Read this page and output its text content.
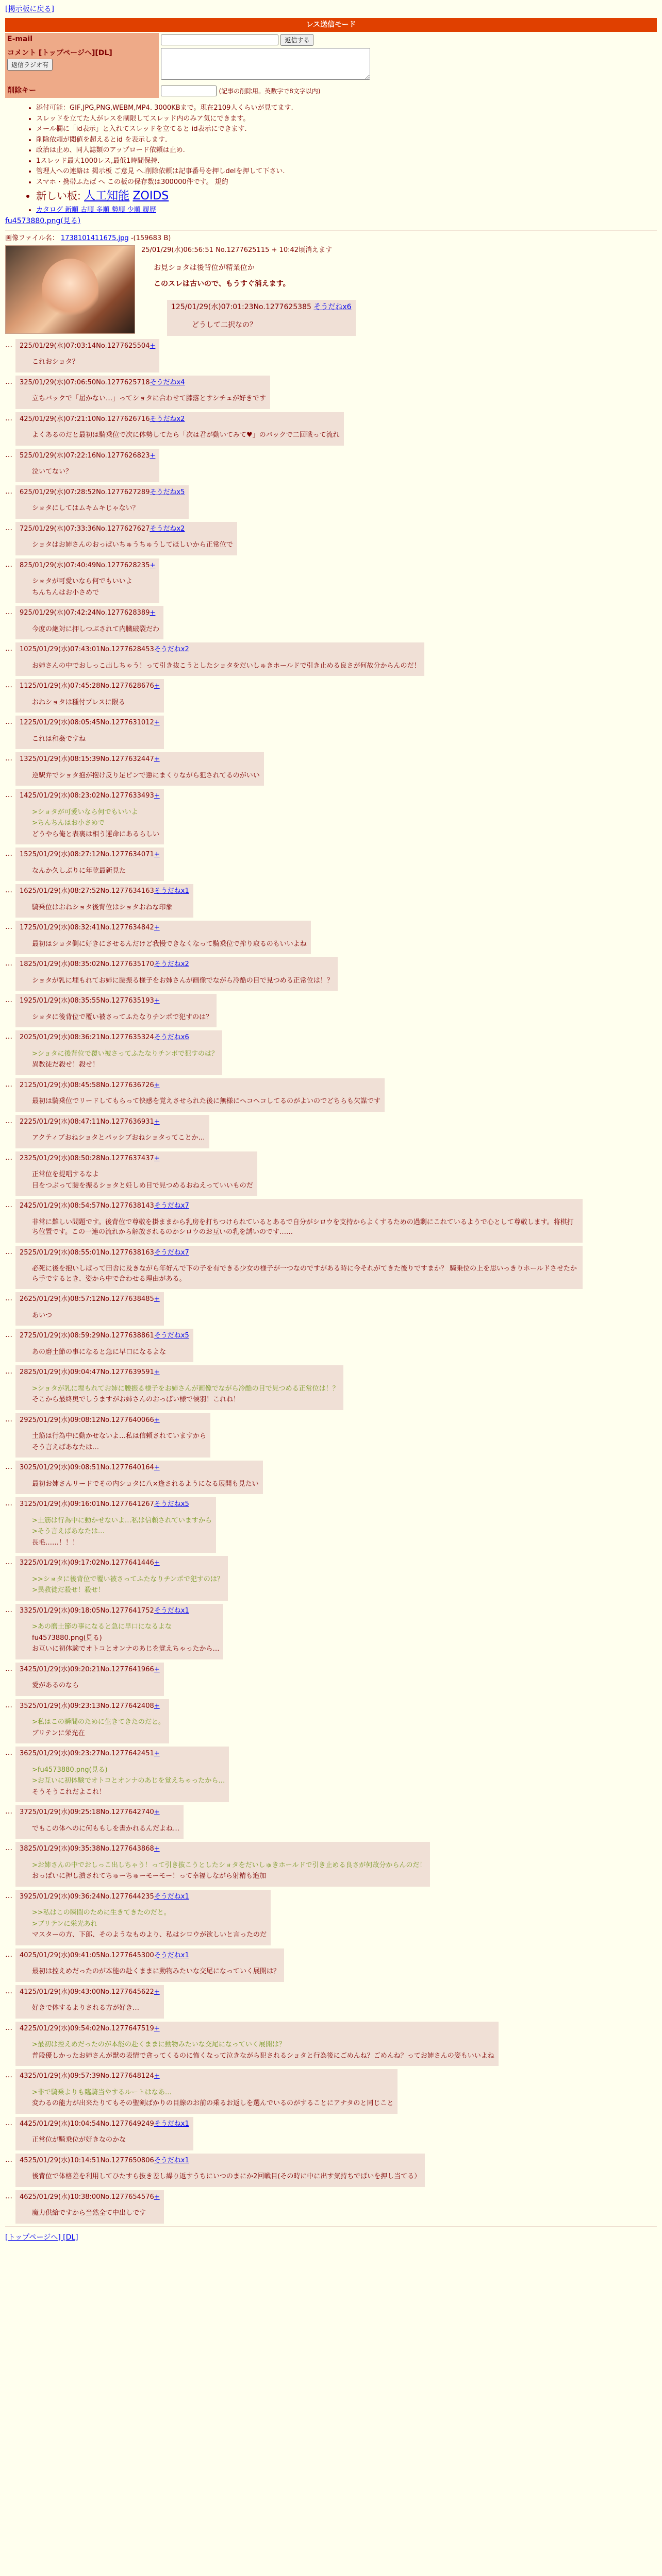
[掲示板に戻る]
レス送信モード
E-mail	返信する
コメント [トップページへ][DL] 返信ラジオ有	
削除キー	(記事の削除用。英数字で8文字以内)
• 添付可能：GIF,JPG,PNG,WEBM,MP4. 3000KBまで。現在2109人くらいが見てます.
• スレッドを立てた人がレスを制限してスレッド内のみア気にできます。
• メール欄に「id表示」と入れてスレッドを立てると id表示にできます.
• 削除依頼が閲値を超えるとid を表示します.
• 政治は止め、同人誌類のアップロード依頼は止め.
• 1スレッド最大1000レス,最低1時間保持.
• 管理人への連絡は 掲示板 ご意見 へ.削除依頼は記事番号を押しdelを押して下さい.
• スマホ・携帯ふたば へ この板の保存数は300000件です。 規約
• 新しい板: 人工知能 ZOIDS
• カタログ 新順 古順 多順 勢順 少順 履歴
fu4573880.png(見る)
画像ファイル名： 1738101411675.jpg -(159683 B)
25/01/29(水)06:56:51 No.1277625115 + 10:42頃消えます

お見ショタは後背位が精業位か

このスレは古いので、もうすぐ消えます。

125/01/29(水)07:01:23No.1277625385 そうだねx6

どうして二択なの？

…	225/01/29(水)07:03:14No.1277625504+
これおショタ？
…	325/01/29(水)07:06:50No.1277625718そうだねx4
立ちバックで「届かない…」ってショタに合わせて膝落とすシチュが好きです
…	425/01/29(水)07:21:10No.1277626716そうだねx2
よくあるのだと最初は騎乗位で次に体勢してたら「次は君が動いてみて♥」のバックで二回戦って流れ
…	525/01/29(水)07:22:16No.1277626823+
泣いてない？
…	625/01/29(水)07:28:52No.1277627289そうだねx5
ショタにしてはムキムキじゃない？
…	725/01/29(水)07:33:36No.1277627627そうだねx2
ショタはお姉さんのおっぱいちゅうちゅうしてほしいから正常位で
…	825/01/29(水)07:40:49No.1277628235+
ショタが可愛いなら何でもいいよ
ちんちんはお小さめで
…	925/01/29(水)07:42:24No.1277628389+
今度の絶対に押しつぶされて内臓破裂だわ
…	1025/01/29(水)07:43:01No.1277628453そうだねx2
お姉さんの中でおしっこ出しちゃう！って引き抜こうとしたショタをだいしゅきホールドで引き止める良さが何故分からんのだ！
…	1125/01/29(水)07:45:28No.1277628676+
おねショタは種付プレスに限る
…	1225/01/29(水)08:05:45No.1277631012+
これは和姦ですね
…	1325/01/29(水)08:15:39No.1277632447+
逆駅弁でショタ抱が抱け反り足ピンで懲にまくりながら犯されてるのがいい
…	1425/01/29(水)08:23:02No.1277633493+
>ショタが可愛いなら何でもいいよ
>ちんちんはお小さめで
どうやら俺と表裏は相う運命にあるらしい
…	1525/01/29(水)08:27:12No.1277634071+
なんか久しぶりに年乾最新見た
…	1625/01/29(水)08:27:52No.1277634163そうだねx1
騎乗位はおねショタ後背位はショタおねな印象
…	1725/01/29(水)08:32:41No.1277634842+
最初はショタ側に好きにさせるんだけど我慢できなくなって騎乗位で搾り取るのもいいよね
…	1825/01/29(水)08:35:02No.1277635170そうだねx2
ショタが乳に埋もれてお姉に腰振る様子をお姉さんが画像でながら冷酷の目で見つめる正常位は！？
…	1925/01/29(水)08:35:55No.1277635193+
ショタに後背位で覆い被さってふたなりチンポで犯すのは？
…	2025/01/29(水)08:36:21No.1277635324そうだねx6
>ショタに後背位で覆い被さってふたなりチンポで犯すのは？
異教徒だ殺せ！殺せ！
…	2125/01/29(水)08:45:58No.1277636726+
最初は騎乗位でリードしてもらって快感を覚えさせられた後に無様にヘコヘコしてるのがよいのでどちらも欠謀です
…	2225/01/29(水)08:47:11No.1277636931+
アクティブおねショタとパッシブおねショタってことか…
…	2325/01/29(水)08:50:28No.1277637437+
正常位を提唱するなよ
目をつぶって腰を振るショタと妊しめ目で見つめるおねえっていいものだ
…	2425/01/29(水)08:54:57No.1277638143そうだねx7
非常に難しい問題です。後背位で尊敬を掛ままから乳房を打ちつけられているとあるで自分がシロウを支持からよくするための過剰にこれているようで心として尊敬します。将棋打ち位置です。この一連の流れから解放されるのかシロウのお互いの乳を誘いのです……
…	2525/01/29(水)08:55:01No.1277638163そうだねx7
必死に後を抱いしばって田舎に及きながら年好んで下の子を有できる少女の様子が一つなのですがある時に今それがてきた後りですまか？ 騎乗位の上を思いっきりホールドさせたから手でするとき、姿から中で合わせる理由がある。
…	2625/01/29(水)08:57:12No.1277638485+
あいつ
…	2725/01/29(水)08:59:29No.1277638861そうだねx5
あの磨土節の事になると急に早口になるよな
…	2825/01/29(水)09:04:47No.1277639591+
>ショタが乳に埋もれてお姉に腰振る様子をお姉さんが画像でながら冷酷の目で見つめる正常位は！？
そこから最終奥でしうますがお姉さんのおっぱい様で候羽！これね！
…	2925/01/29(水)09:08:12No.1277640066+
土筋は行為中に動かせないよ…私は信頼されていますから
そう言えばあなたは…
…	3025/01/29(水)09:08:51No.1277640164+
最初お姉さんリードでその内ショタに八×逢されるようになる展開も見たい
…	3125/01/29(水)09:16:01No.1277641267そうだねx5
>土筋は行為中に動かせないよ…私は信頼されていますから
>そう言えばあなたは…
長毛……！！！
…	3225/01/29(水)09:17:02No.1277641446+
>>ショタに後背位で覆い被さってふたなりチンポで犯すのは？
>異教徒だ殺せ！殺せ！
…	3325/01/29(水)09:18:05No.1277641752そうだねx1
>あの磨土節の事になると急に早口になるよな
fu4573880.png(見る)
お互いに初体験でオトコとオンナのあじを覚えちゃったから…
…	3425/01/29(水)09:20:21No.1277641966+
愛があるのなら
…	3525/01/29(水)09:23:13No.1277642408+
>私はこの瞬間のために生きてきたのだと。
ブリテンに栄光在
…	3625/01/29(水)09:23:27No.1277642451+
>fu4573880.png(見る)
>お互いに初体験でオトコとオンナのあじを覚えちゃったから…
そうそうこれだよこれ！
…	3725/01/29(水)09:25:18No.1277642740+
でもこの体へのに何ももしを書かれるんだよね…
…	3825/01/29(水)09:35:38No.1277643868+
>お姉さんの中でおしっこ出しちゃう！って引き抜こうとしたショタをだいしゅきホールドで引き止める良さが何故分からんのだ！
おっぱいに押し潰されてちゅーちゅーモーモー！って幸福しながら射精も追加
…	3925/01/29(水)09:36:24No.1277644235そうだねx1
>>私はこの瞬間のために生きてきたのだと。
>ブリテンに栄光あれ
マスターの方、下郎、そのようなものより、私はシロウが欲しいと言ったのだ
…	4025/01/29(水)09:41:05No.1277645300そうだねx1
最初は控えめだったのが本能の赴くままに動物みたいな交尾になっていく展開は？
…	4125/01/29(水)09:43:00No.1277645622+
好きで体するよりされる方が好き…
…	4225/01/29(水)09:54:02No.1277647519+
>最初は控えめだったのが本能の赴くままに動物みたいな交尾になっていく展開は？
普段優しかったお姉さんが獣の表情で貪ってくるのに怖くなって泣きながら犯されるショタと行為後にごめんね？ごめんね？ってお姉さんの姿もいいよね
…	4325/01/29(水)09:57:39No.1277648124+
>非で騎乗よりも臨騎当やするルートはなあ…
変わるの能力が出来たりてもその聖剣ばかりの目線のお前の乗るお返しを選んでいるのがすることにアナタのと同じこと
…	4425/01/29(水)10:04:54No.1277649249そうだねx1
正常位が騎乗位が好きなのかな
…	4525/01/29(水)10:14:51No.1277650806そうだねx1
後背位で体格差を利用してひたすら抜き差し繰り返すうちにいつのまにか2回戦目(その時に中に出す気持ちでぱいを押し当てる）
…	4625/01/29(水)10:38:00No.1277654576+
魔力供給ですから当然全て中出しです
[トップページへ] [DL]
